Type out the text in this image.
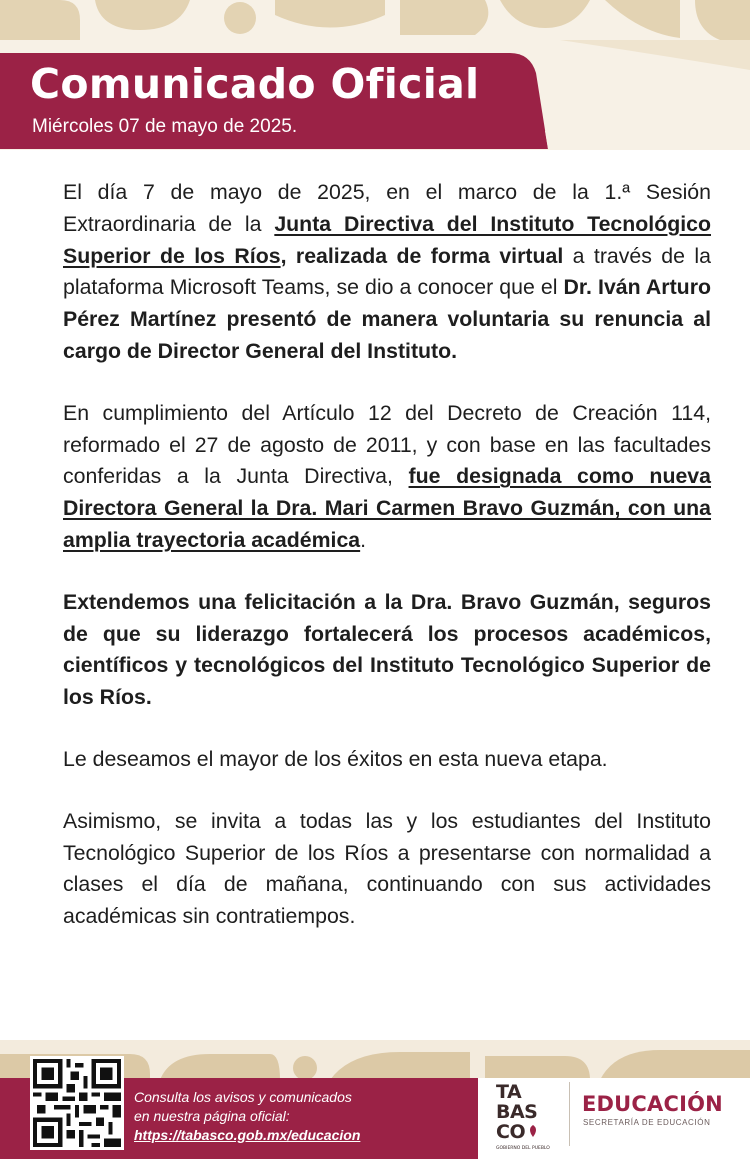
Comunicado Oficial

Miércoles 07 de mayo de 2025.

El día 7 de mayo de 2025, en el marco de la 1.ª Sesión Extraordinaria de la Junta Directiva del Instituto Tecnológico Superior de los Ríos, realizada de forma virtual a través de la plataforma Microsoft Teams, se dio a conocer que el Dr. Iván Arturo Pérez Martínez presentó de manera voluntaria su renuncia al cargo de Director General del Instituto.

En cumplimiento del Artículo 12 del Decreto de Creación 114, reformado el 27 de agosto de 2011, y con base en las facultades conferidas a la Junta Directiva, fue designada como nueva Directora General la Dra. Mari Carmen Bravo Guzmán, con una amplia trayectoria académica.

Extendemos una felicitación a la Dra. Bravo Guzmán, seguros de que su liderazgo fortalecerá los procesos académicos, científicos y tecnológicos del Instituto Tecnológico Superior de los Ríos.

Le deseamos el mayor de los éxitos en esta nueva etapa.

Asimismo, se invita a todas las y los estudiantes del Instituto Tecnológico Superior de los Ríos a presentarse con normalidad a clases el día de mañana, continuando con sus actividades académicas sin contratiempos.

Consulta los avisos y comunicados
en nuestra página oficial:
https://tabasco.gob.mx/educacion
TA
BAS
CO
GOBIERNO DEL PUEBLO
EDUCACIÓN
SECRETARÍA DE EDUCACIÓN
